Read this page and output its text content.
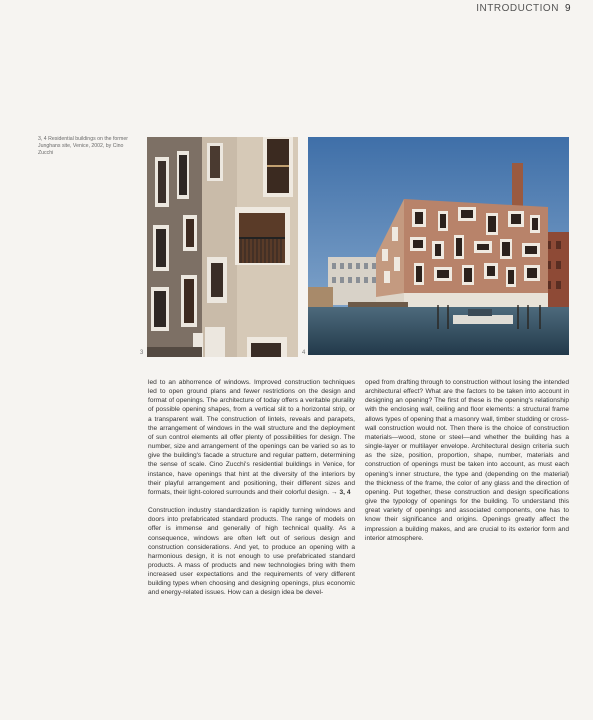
INTRODUCTION 9
3, 4 Residential buildings on the former Junghans site, Venice, 2002, by Cino Zucchi
3	4

led to an abhorrence of windows. Improved construction techniques led to open ground plans and fewer restrictions on the design and format of openings. The architecture of today offers a veritable plurality of possible opening shapes, from a vertical slit to a horizontal strip, or a transparent wall. The construction of lintels, reveals and parapets, the arrangement of windows in the wall structure and the deployment of sun control elements all offer plenty of possibilities for design. The number, size and arrangement of the openings can be varied so as to give the building's facade a structure and regular pattern, determining the sense of scale. Cino Zucchi's residential buildings in Venice, for instance, have openings that hint at the diversity of the interiors by their playful arrangement and positioning, their different sizes and formats, their light-colored surrounds and their colorful design. → 3, 4

Construction industry standardization is rapidly turning windows and doors into prefabricated standard products. The range of models on offer is immense and generally of high technical quality. As a consequence, windows are often left out of serious design and construction considerations. And yet, to produce an opening with a harmonious design, it is not enough to use prefabricated standard products. A mass of products and new technologies bring with them increased user expectations and the requirements of very different building types when choosing and designing openings, plus economic and energy-related issues. How can a design idea be devel-

oped from drafting through to construction without losing the intended architectural effect? What are the factors to be taken into account in designing an opening? The first of these is the opening's relationship with the enclosing wall, ceiling and floor elements: a structural frame allows types of opening that a masonry wall, timber studding or cross-wall construction would not. Then there is the choice of construction materials—wood, stone or steel—and whether the building has a single-layer or multilayer envelope. Architectural design criteria such as the size, position, proportion, shape, number, materials and construction of openings must be taken into account, as must each opening's inner structure, the type and (depending on the material) the thickness of the frame, the color of any glass and the direction of opening. Put together, these construction and design specifications give the typology of openings for the building. To understand this great variety of openings and associated components, one has to know their significance and origins. Openings greatly affect the impression a building makes, and are crucial to its exterior form and interior atmosphere.
